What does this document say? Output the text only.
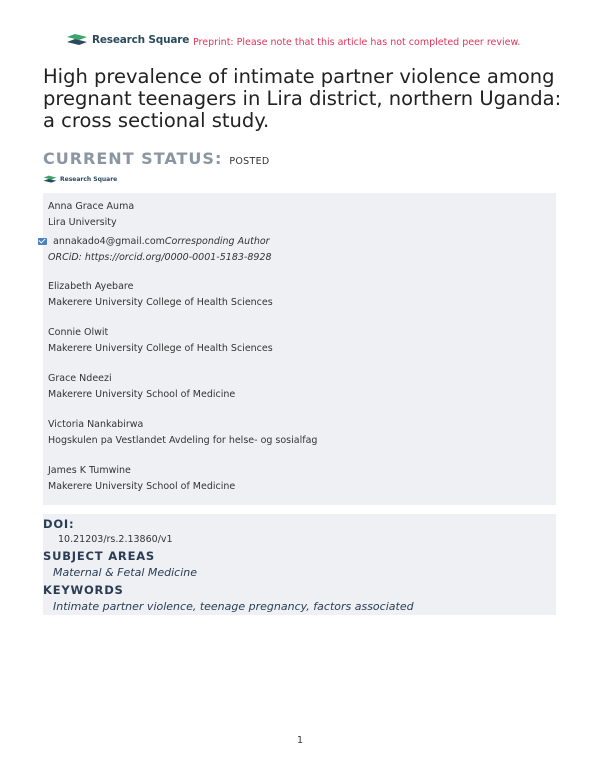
Research Square Preprint: Please note that this article has not completed peer review.
High prevalence of intimate partner violence among pregnant teenagers in Lira district, northern Uganda: a cross sectional study.
CURRENT STATUS: POSTED
Research Square
Anna Grace Auma
Lira University
annakado4@gmail.com Corresponding Author
ORCiD: https://orcid.org/0000-0001-5183-8928
Elizabeth Ayebare
Makerere University College of Health Sciences
Connie Olwit
Makerere University College of Health Sciences
Grace Ndeezi
Makerere University School of Medicine
Victoria Nankabirwa
Hogskulen pa Vestlandet Avdeling for helse- og sosialfag
James K Tumwine
Makerere University School of Medicine
DOI:
10.21203/rs.2.13860/v1
SUBJECT AREAS
Maternal & Fetal Medicine
KEYWORDS
Intimate partner violence, teenage pregnancy, factors associated
1
